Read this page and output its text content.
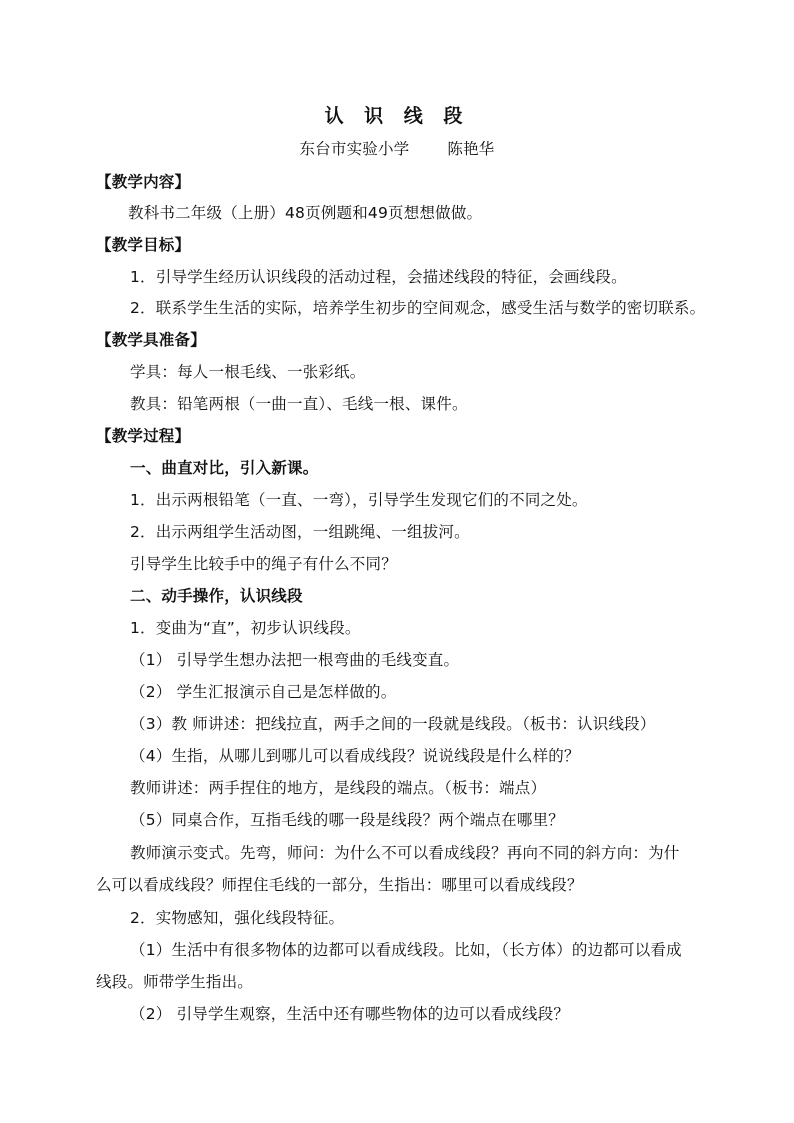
认 识 线 段
东台市实验小学 陈艳华
【教学内容】
教科书二年级（上册）48页例题和49页想想做做。
【教学目标】
1．引导学生经历认识线段的活动过程，会描述线段的特征，会画线段。
2．联系学生生活的实际，培养学生初步的空间观念，感受生活与数学的密切联系。
【教学具准备】
学具：每人一根毛线、一张彩纸。
教具：铅笔两根（一曲一直）、毛线一根、课件。
【教学过程】
一、曲直对比，引入新课。
1．出示两根铅笔（一直、一弯），引导学生发现它们的不同之处。
2．出示两组学生活动图，一组跳绳、一组拔河。
引导学生比较手中的绳子有什么不同？
二、动手操作，认识线段
1．变曲为“直”，初步认识线段。
（1） 引导学生想办法把一根弯曲的毛线变直。
（2） 学生汇报演示自己是怎样做的。
（3）教 师讲述：把线拉直，两手之间的一段就是线段。（板书：认识线段）
（4）生指，从哪儿到哪儿可以看成线段？说说线段是什么样的？
教师讲述：两手捏住的地方，是线段的端点。（板书：端点）
（5）同桌合作，互指毛线的哪一段是线段？两个端点在哪里？
教师演示变式。先弯，师问：为什么不可以看成线段？再向不同的斜方向：为什
么可以看成线段？师捏住毛线的一部分，生指出：哪里可以看成线段？
2．实物感知，强化线段特征。
（1）生活中有很多物体的边都可以看成线段。比如，（长方体）的边都可以看成
线段。师带学生指出。
（2） 引导学生观察，生活中还有哪些物体的边可以看成线段？
